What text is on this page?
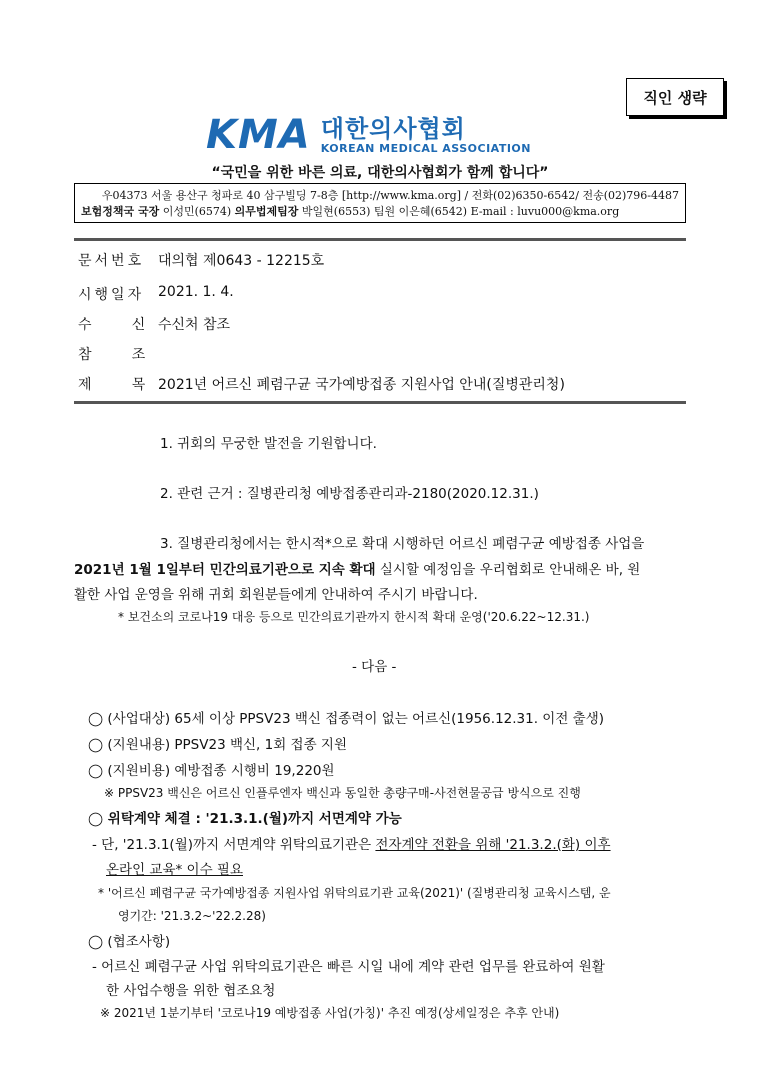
직인 생략
KMA 대한의사협회
KOREAN MEDICAL ASSOCIATION
“국민을 위한 바른 의료, 대한의사협회가 함께 합니다”
우04373 서울 용산구 청파로 40 삼구빌딩 7-8층 [http://www.kma.org] / 전화(02)6350-6542/ 전송(02)796-4487
보험정책국 국장 이성민(6574) 의무법제팀장 박일현(6553) 팀원 이은혜(6542) E-mail : luvu000@kma.org
문서번호 대의협 제0643 - 12215호
시행일자 2021. 1. 4.
수     신 수신처 참조
참     조
제     목 2021년 어르신 폐렴구균 국가예방접종 지원사업 안내(질병관리청)
1. 귀회의 무궁한 발전을 기원합니다.
2. 관련 근거 : 질병관리청 예방접종관리과-2180(2020.12.31.)
3. 질병관리청에서는 한시적*으로 확대 시행하던 어르신 폐렴구균 예방접종 사업을
2021년 1월 1일부터 민간의료기관으로 지속 확대 실시할 예정임을 우리협회로 안내해온 바, 원
활한 사업 운영을 위해 귀회 회원분들에게 안내하여 주시기 바랍니다.
* 보건소의 코로나19 대응 등으로 민간의료기관까지 한시적 확대 운영('20.6.22~12.31.)
- 다음 -
◯ (사업대상) 65세 이상 PPSV23 백신 접종력이 없는 어르신(1956.12.31. 이전 출생)
◯ (지원내용) PPSV23 백신, 1회 접종 지원
◯ (지원비용) 예방접종 시행비 19,220원
※ PPSV23 백신은 어르신 인플루엔자 백신과 동일한 총량구매-사전현물공급 방식으로 진행
◯ 위탁계약 체결 : '21.3.1.(월)까지 서면계약 가능
- 단, '21.3.1(월)까지 서면계약 위탁의료기관은 전자계약 전환을 위해 '21.3.2.(화) 이후
온라인 교육* 이수 필요
* '어르신 폐렴구균 국가예방접종 지원사업 위탁의료기관 교육(2021)' (질병관리청 교육시스템, 운
영기간: '21.3.2~'22.2.28)
◯ (협조사항)
- 어르신 폐렴구균 사업 위탁의료기관은 빠른 시일 내에 계약 관련 업무를 완료하여 원활
한 사업수행을 위한 협조요청
※ 2021년 1분기부터 '코로나19 예방접종 사업(가칭)' 추진 예정(상세일정은 추후 안내)
